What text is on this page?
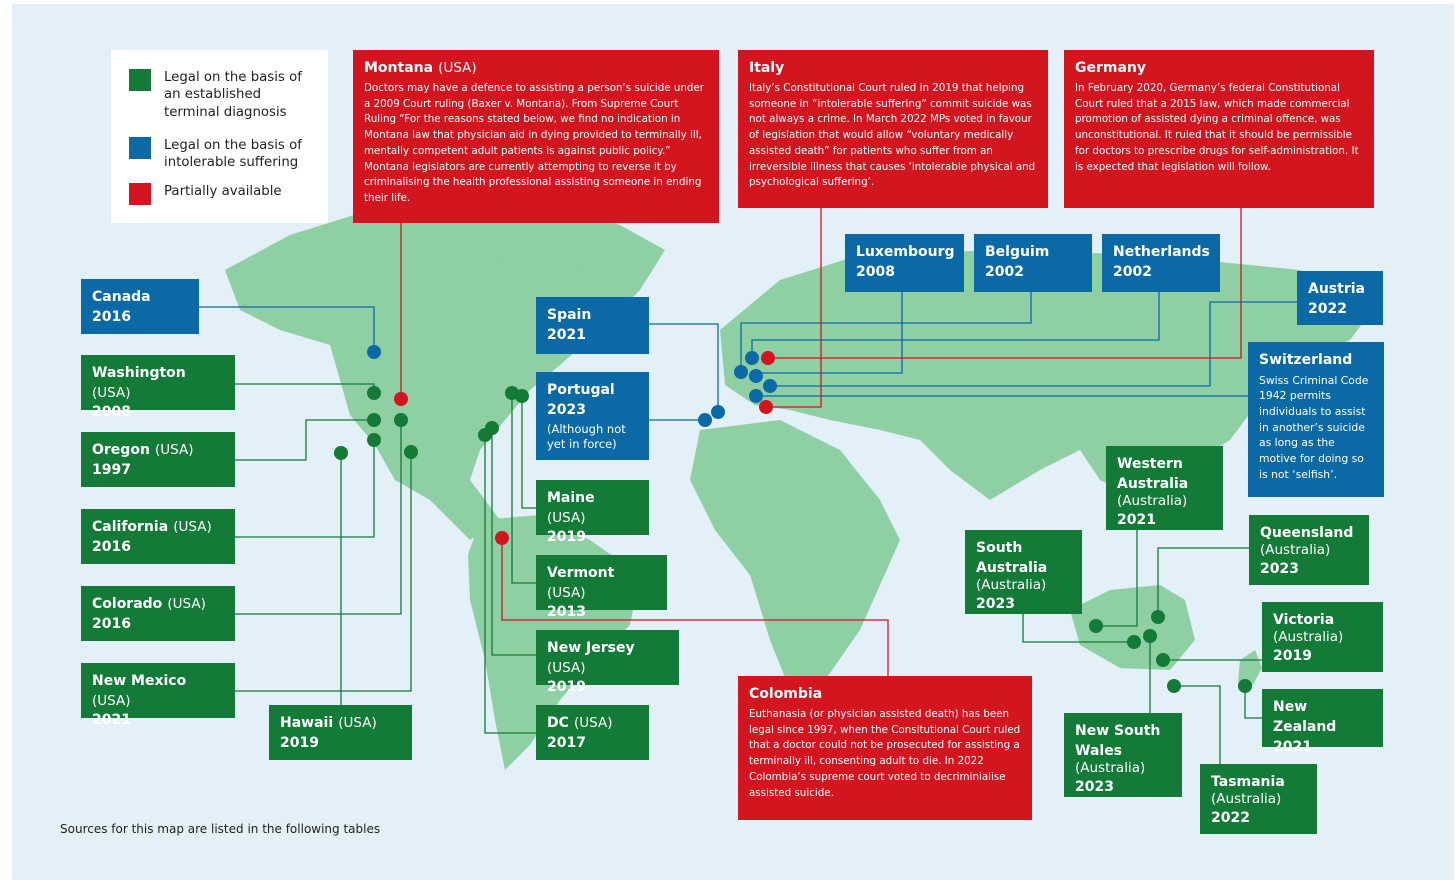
Legal on the basis of an established terminal diagnosis
Legal on the basis of intolerable suffering
Partially available
Montana (USA)
Doctors may have a defence to assisting a person’s suicide under a 2009 Court ruling (Baxer v. Montana). From Supreme Court Ruling “For the reasons stated below, we find no indication in Montana law that physician aid in dying provided to terminally ill, mentally competent adult patients is against public policy.” Montana legislators are currently attempting to reverse it by criminalising the health professional assisting someone in ending their life.
Italy
Italy’s Constitutional Court ruled in 2019 that helping someone in “intolerable suffering” commit suicide was not always a crime. In March 2022 MPs voted in favour of legislation that would allow “voluntary medically assisted death” for patients who suffer from an irreversible illness that causes ‘intolerable physical and psychological suffering’.
Germany
In February 2020, Germany’s federal Constitutional Court ruled that a 2015 law, which made commercial promotion of assisted dying a criminal offence, was unconstitutional. It ruled that it should be permissible for doctors to prescribe drugs for self-administration. It is expected that legislation will follow.
Colombia
Euthanasia (or physician assisted death) has been legal since 1997, when the Consitutional Court ruled that a doctor could not be prosecuted for assisting a terminally ill, consenting adult to die. In 2022 Colombia’s supreme court voted to decriminialise assisted suicide.
Canada
2016
Washington (USA)
2008
Oregon (USA)
1997
California (USA)
2016
Colorado (USA)
2016
New Mexico (USA)
2021	Hawaii (USA)
2019
Spain
2021
Portugal
2023
(Although not yet in force)
Maine (USA)
2019
Vermont (USA)
2013
New Jersey (USA)
2019
DC (USA)
2017
Luxembourg
2008
Belguim
2002
Netherlands
2002
Austria
2022
Switzerland
Swiss Criminal Code 1942 permits individuals to assist in another’s suicide as long as the motive for doing so is not ‘selfish’.
Western Australia
(Australia)
2021
South Australia
(Australia)
2023
Queensland
(Australia)
2023
Victoria
(Australia)
2019
New Zealand
2021
New South Wales
(Australia)
2023	Tasmania
(Australia)
2022
Sources for this map are listed in the following tables
